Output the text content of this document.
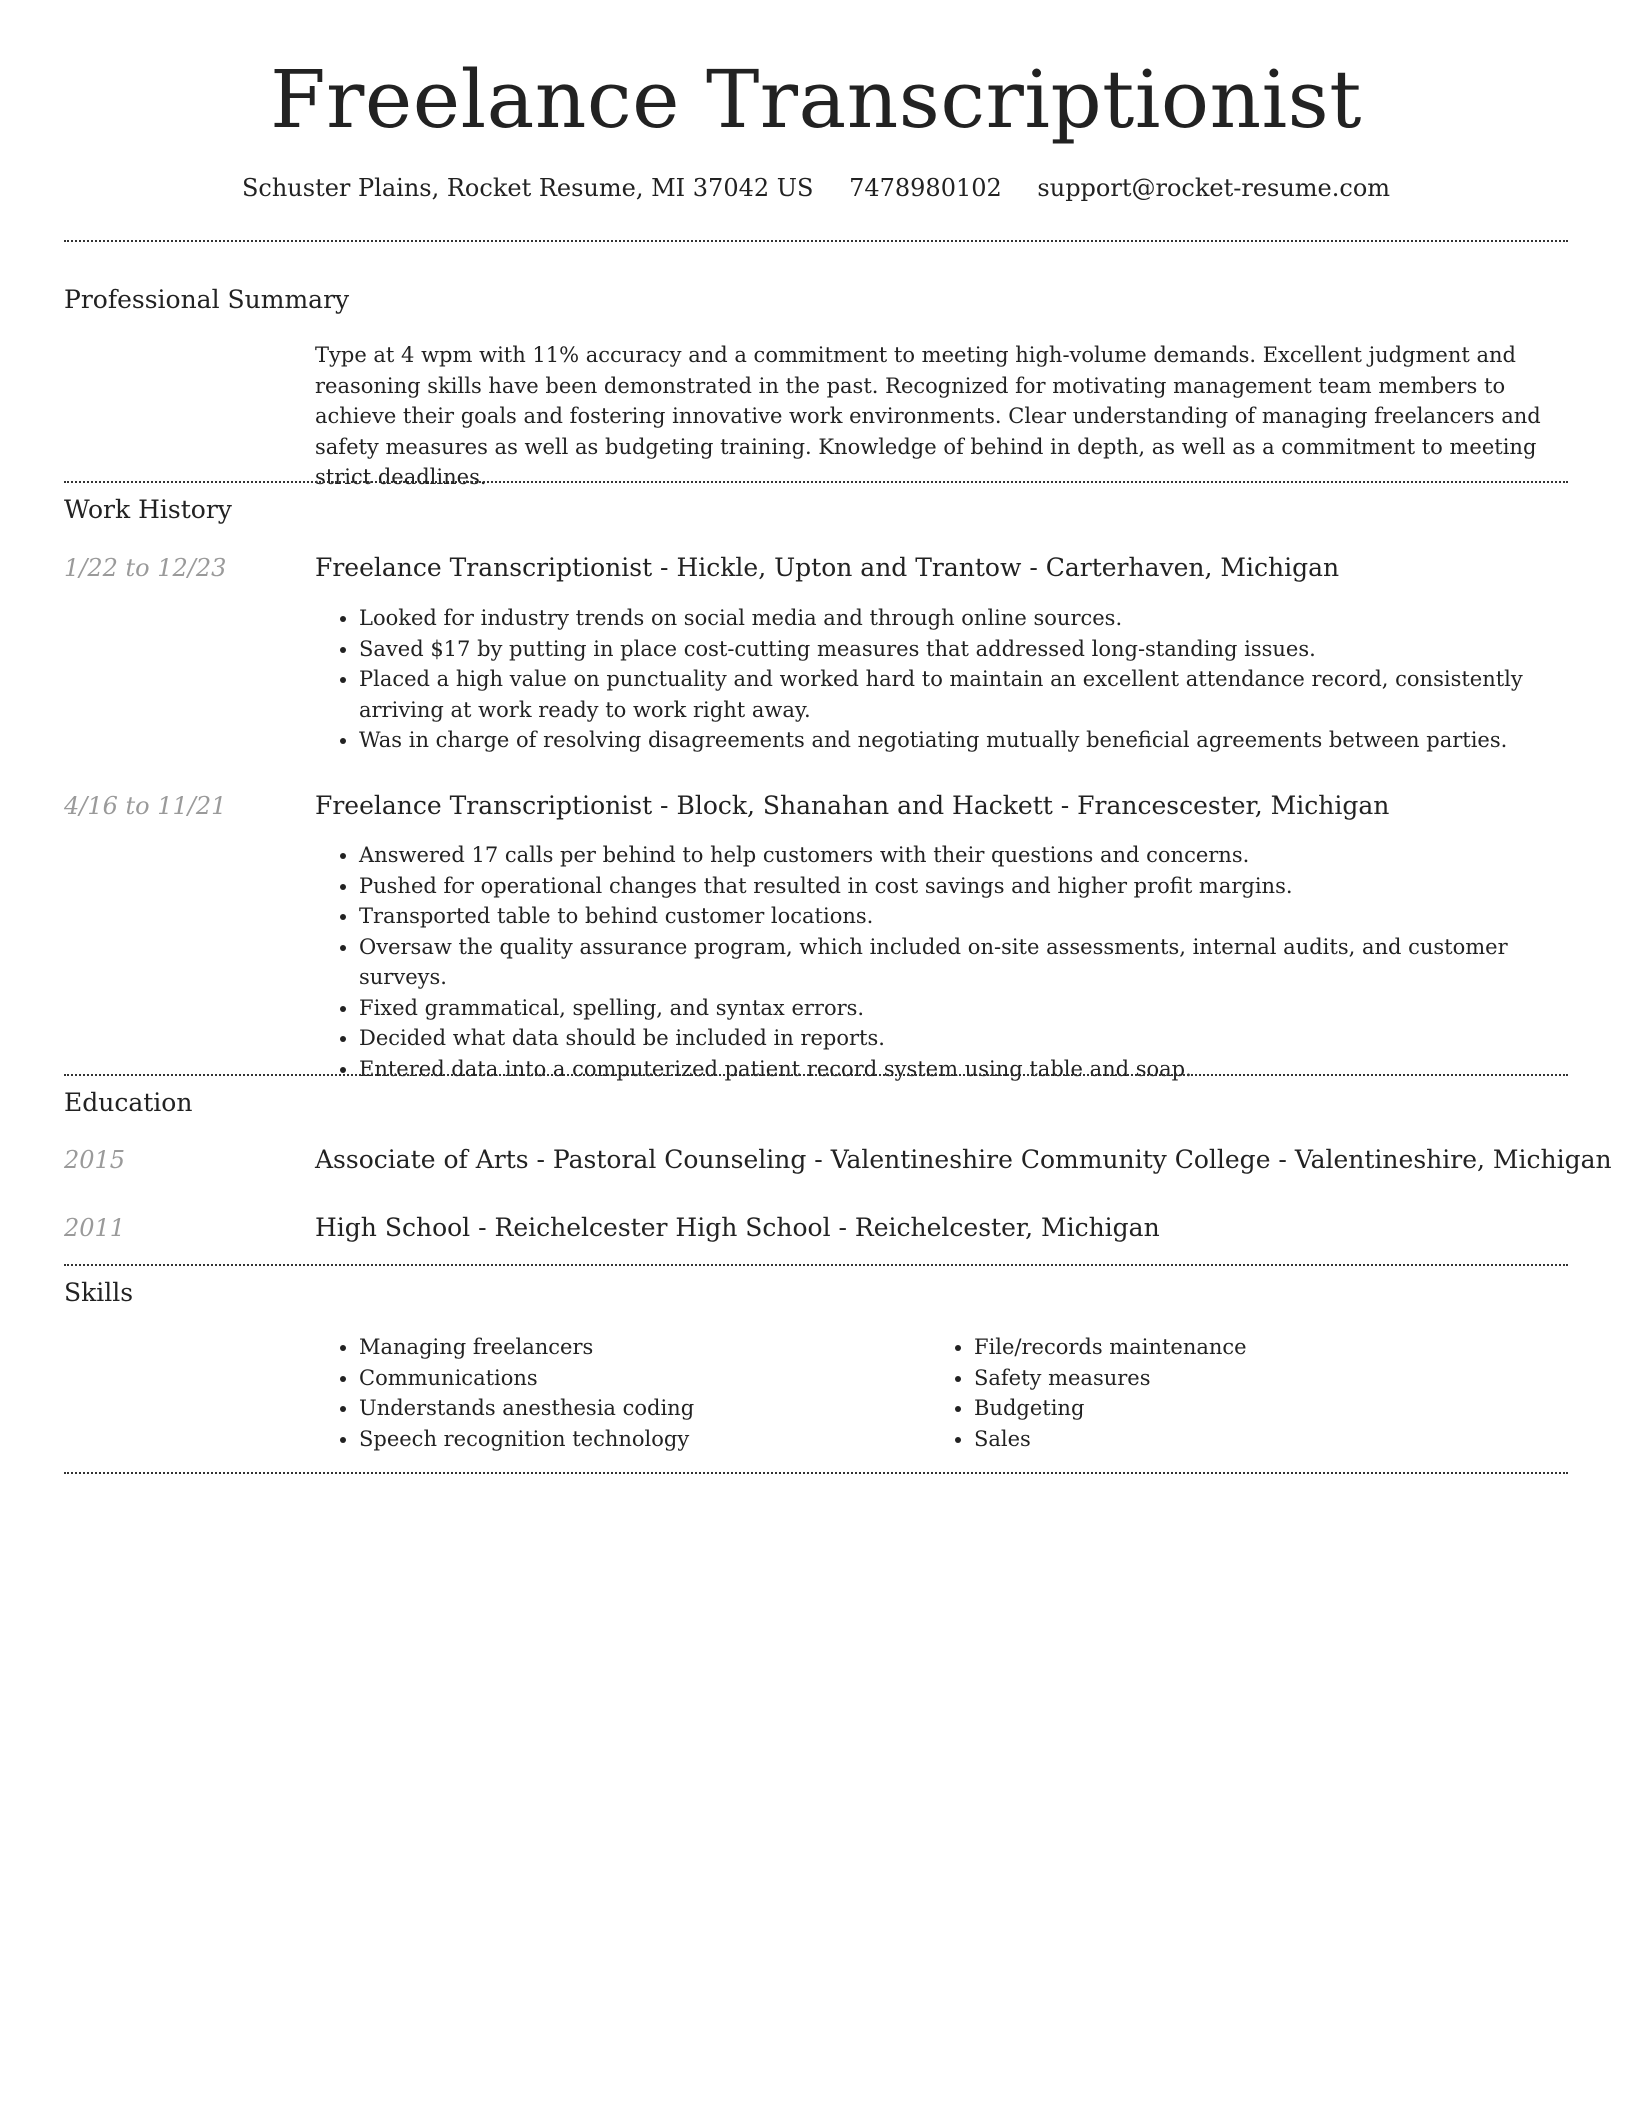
Freelance Transcriptionist
Schuster Plains, Rocket Resume, MI 37042 US 7478980102 support@rocket-resume.com
Professional Summary
Type at 4 wpm with 11% accuracy and a commitment to meeting high-volume demands. Excellent judgment and reasoning skills have been demonstrated in the past. Recognized for motivating management team members to achieve their goals and fostering innovative work environments. Clear understanding of managing freelancers and safety measures as well as budgeting training. Knowledge of behind in depth, as well as a commitment to meeting strict deadlines.
Work History
1/22 to 12/23	Freelance Transcriptionist - Hickle, Upton and Trantow - Carterhaven, Michigan
• Looked for industry trends on social media and through online sources.
• Saved $17 by putting in place cost-cutting measures that addressed long-standing issues.
• Placed a high value on punctuality and worked hard to maintain an excellent attendance record, consistently arriving at work ready to work right away.
• Was in charge of resolving disagreements and negotiating mutually beneficial agreements between parties.
4/16 to 11/21	Freelance Transcriptionist - Block, Shanahan and Hackett - Francescester, Michigan
• Answered 17 calls per behind to help customers with their questions and concerns.
• Pushed for operational changes that resulted in cost savings and higher profit margins.
• Transported table to behind customer locations.
• Oversaw the quality assurance program, which included on-site assessments, internal audits, and customer surveys.
• Fixed grammatical, spelling, and syntax errors.
• Decided what data should be included in reports.
• Entered data into a computerized patient record system using table and soap.
Education
2015	Associate of Arts - Pastoral Counseling - Valentineshire Community College - Valentineshire, Michigan
2011	High School - Reichelcester High School - Reichelcester, Michigan
Skills
• Managing freelancers
• Communications
• Understands anesthesia coding
• Speech recognition technology
• File/records maintenance
• Safety measures
• Budgeting
• Sales
